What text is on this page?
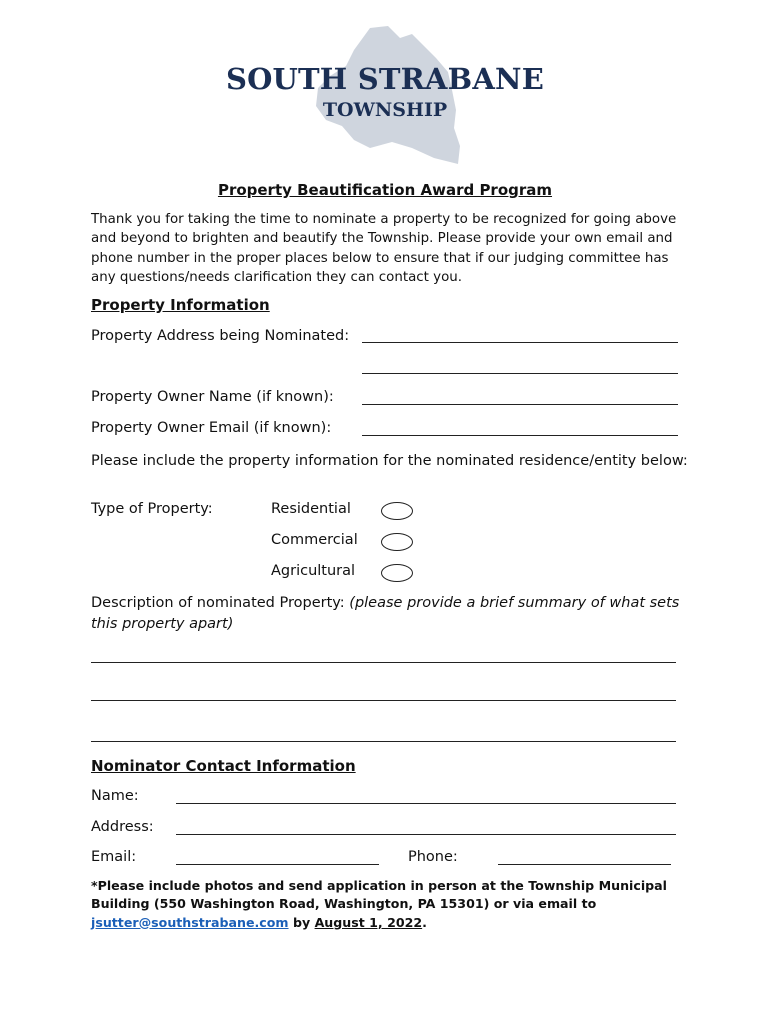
SOUTH STRABANE
TOWNSHIP
Property Beautification Award Program
Thank you for taking the time to nominate a property to be recognized for going above and beyond to brighten and beautify the Township. Please provide your own email and phone number in the proper places below to ensure that if our judging committee has any questions/needs clarification they can contact you.
Property Information
Property Address being Nominated:
Property Owner Name (if known):
Property Owner Email (if known):
Please include the property information for the nominated residence/entity below:
Type of Property:	Residential
Commercial
Agricultural
Description of nominated Property: (please provide a brief summary of what sets this property apart)
Nominator Contact Information
Name:
Address:
Email:	Phone:
*Please include photos and send application in person at the Township Municipal Building (550 Washington Road, Washington, PA 15301) or via email to jsutter@southstrabane.com by August 1, 2022.
